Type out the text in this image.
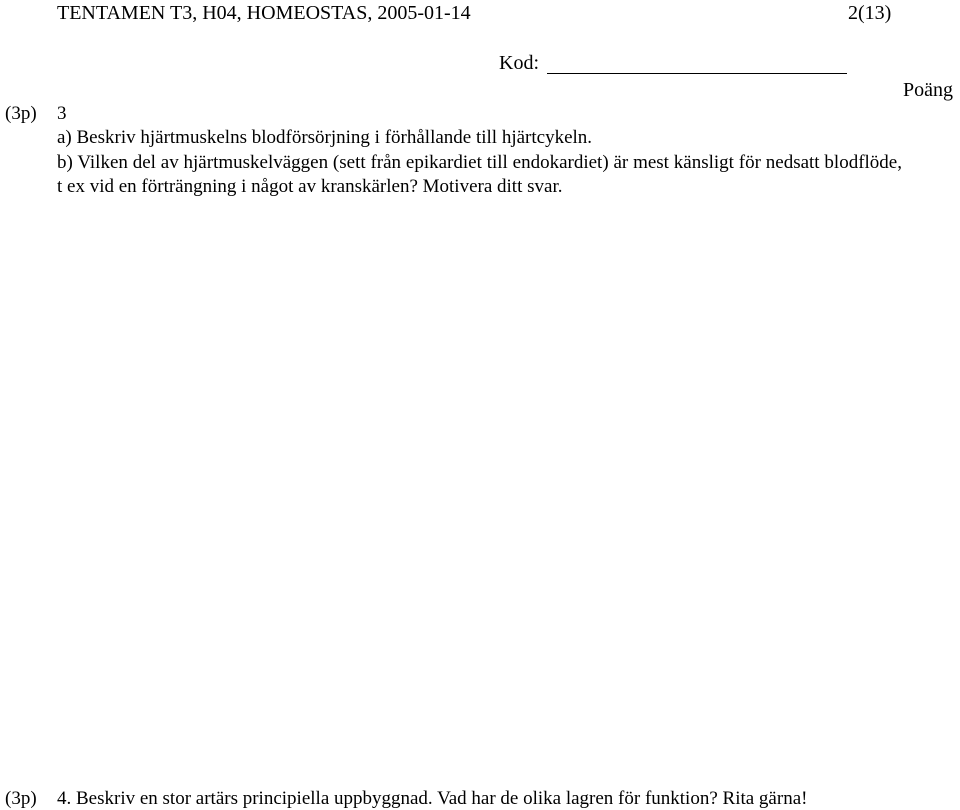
TENTAMEN T3, H04, HOMEOSTAS, 2005-01-14	2(13)
Kod:
Poäng
(3p) 3
a) Beskriv hjärtmuskelns blodförsörjning i förhållande till hjärtcykeln.
b) Vilken del av hjärtmuskelväggen (sett från epikardiet till endokardiet) är mest känsligt för nedsatt blodflöde, t ex vid en förträngning i något av kranskärlen? Motivera ditt svar.
(3p) 4. Beskriv en stor artärs principiella uppbyggnad. Vad har de olika lagren för funktion? Rita gärna!
